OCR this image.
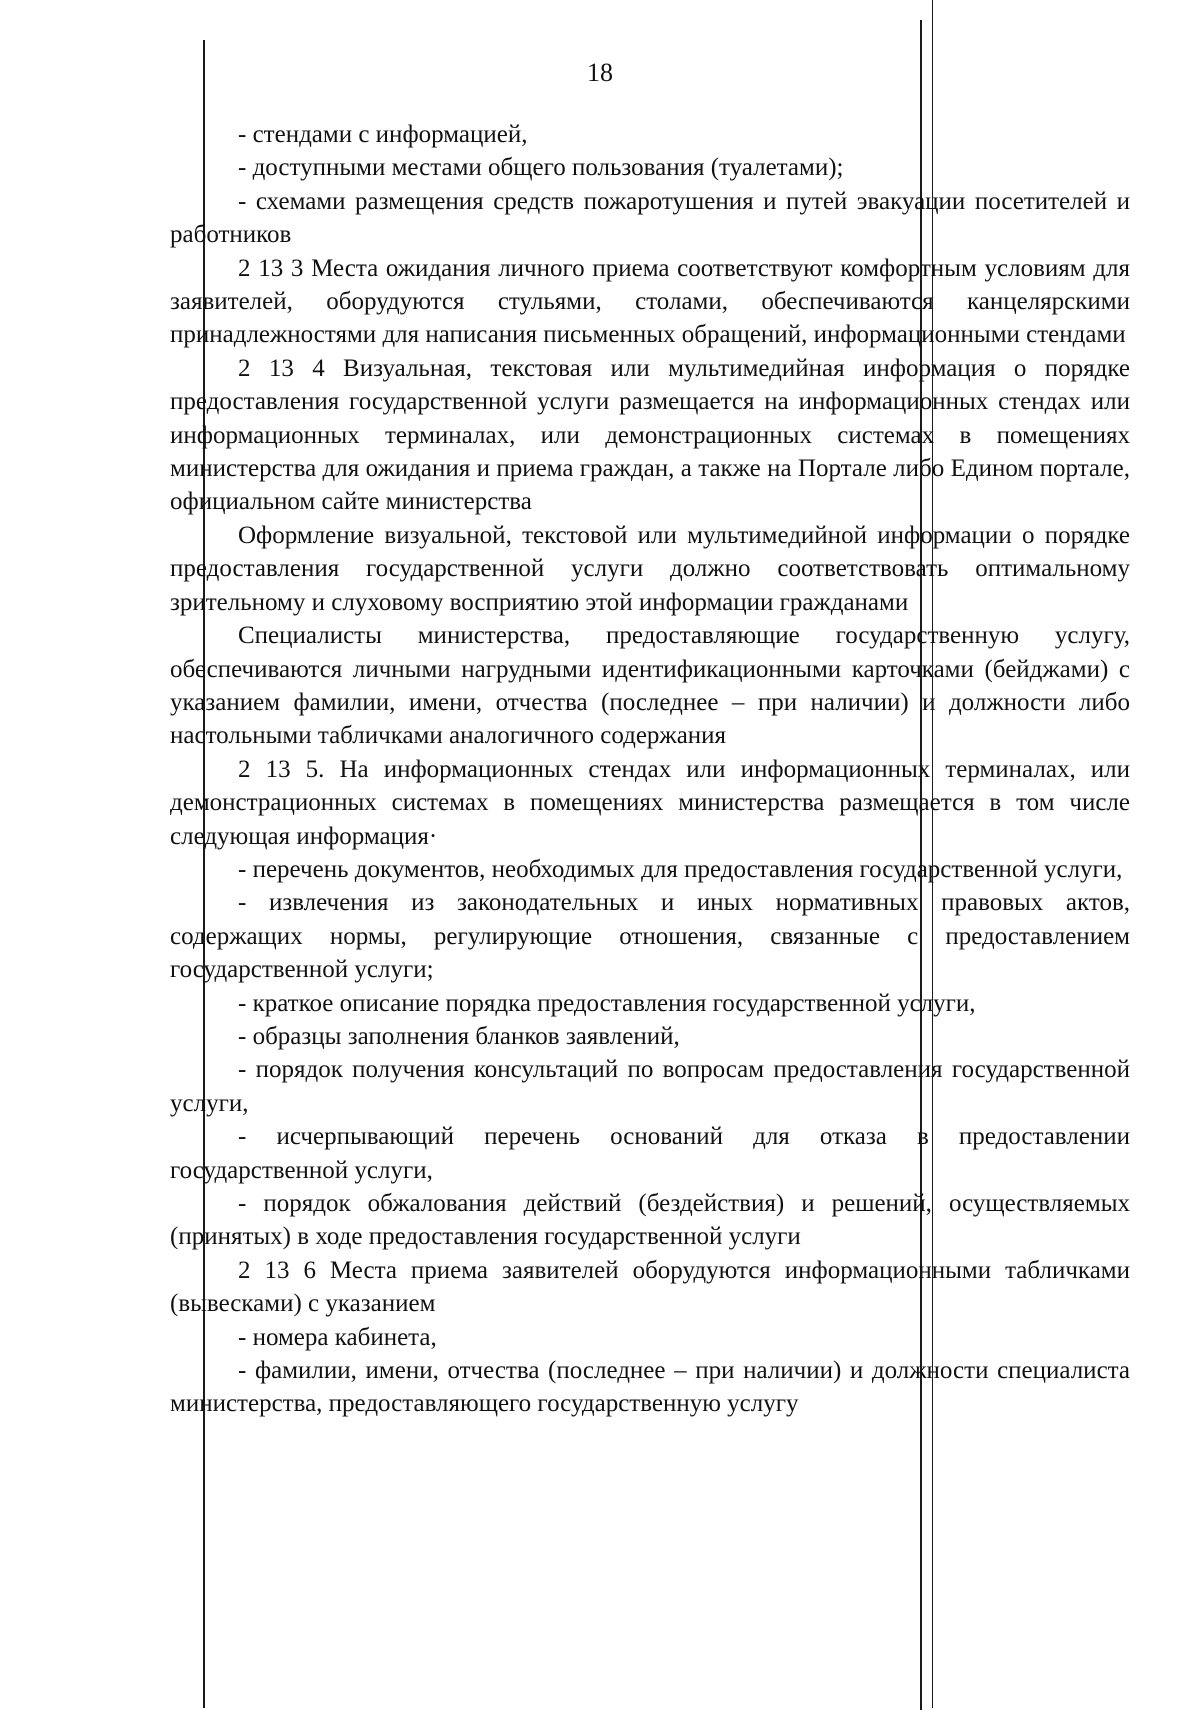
18

- стендами с информацией,

- доступными местами общего пользования (туалетами);

- схемами размещения средств пожаротушения и путей эвакуации посетителей и работников

2 13 3 Места ожидания личного приема соответствуют комфортным условиям для заявителей, оборудуются стульями, столами, обеспечиваются канцелярскими принадлежностями для написания письменных обращений, информационными стендами

2 13 4 Визуальная, текстовая или мультимедийная информация о порядке предоставления государственной услуги размещается на информационных стендах или информационных терминалах, или демонстрационных системах в помещениях министерства для ожидания и приема граждан, а также на Портале либо Едином портале, официальном сайте министерства

Оформление визуальной, текстовой или мультимедийной информации о порядке предоставления государственной услуги должно соответствовать оптимальному зрительному и слуховому восприятию этой информации гражданами

Специалисты министерства, предоставляющие государственную услугу, обеспечиваются личными нагрудными идентификационными карточками (бейджами) с указанием фамилии, имени, отчества (последнее – при наличии) и должности либо настольными табличками аналогичного содержания

2 13 5. На информационных стендах или информационных терминалах, или демонстрационных системах в помещениях министерства размещается в том числе следующая информация·

- перечень документов, необходимых для предоставления государственной услуги,

- извлечения из законодательных и иных нормативных правовых актов, содержащих нормы, регулирующие отношения, связанные с предоставлением государственной услуги;

- краткое описание порядка предоставления государственной услуги,

- образцы заполнения бланков заявлений,

- порядок получения консультаций по вопросам предоставления государственной услуги,

- исчерпывающий перечень оснований для отказа в предоставлении государственной услуги,

- порядок обжалования действий (бездействия) и решений, осуществляемых (принятых) в ходе предоставления государственной услуги

2 13 6 Места приема заявителей оборудуются информационными табличками (вывесками) с указанием

- номера кабинета,

- фамилии, имени, отчества (последнее – при наличии) и должности специалиста министерства, предоставляющего государственную услугу
